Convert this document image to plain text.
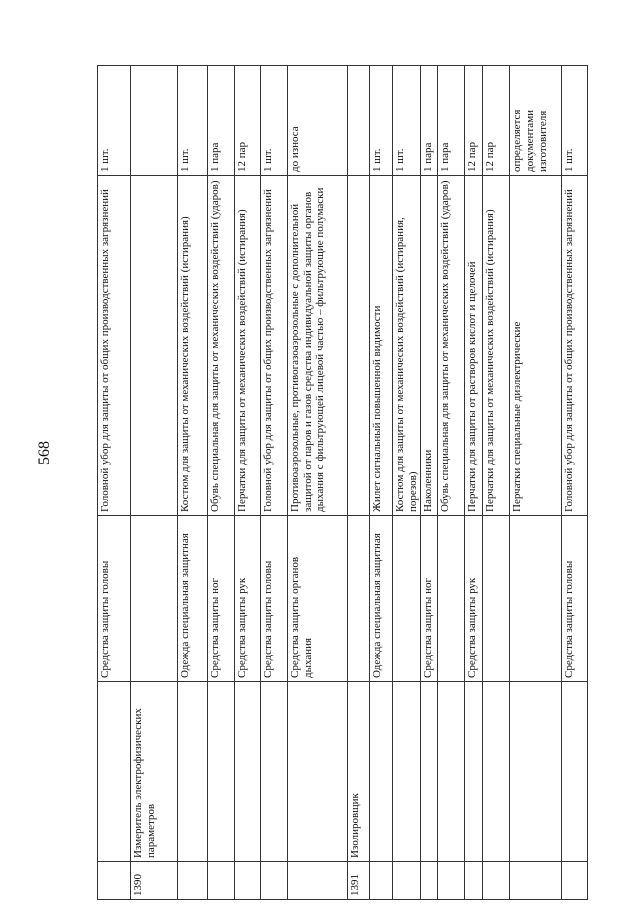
568
		Средства защиты головы	Головной убор для защиты от общих производственных загрязнений	1 шт.
1390	Измеритель электрофизических параметров			
		Одежда специальная защитная	Костюм для защиты от механических воздействий (истирания)	1 шт.
		Средства защиты ног	Обувь специальная для защиты от механических воздействий (ударов)	1 пара
		Средства защиты рук	Перчатки для защиты от механических воздействий (истирания)	12 пар
		Средства защиты головы	Головной убор для защиты от общих производственных загрязнений	1 шт.
		Средства защиты органов дыхания	Противоаэрозольные, противогазоаэрозольные с дополнительной защитой от паров и газов средства индивидуальной защиты органов дыхания с фильтрующей лицевой частью – фильтрующие полумаски	до износа
1391	Изолировщик			
		Одежда специальная защитная	Жилет сигнальный повышенной видимости	1 шт.
			Костюм для защиты от механических воздействий (истирания, порезов)	1 шт.
		Средства защиты ног	Наколенники	1 пара
			Обувь специальная для защиты от механических воздействий (ударов)	1 пара
		Средства защиты рук	Перчатки для защиты от растворов кислот и щелочей	12 пар
			Перчатки для защиты от механических воздействий (истирания)	12 пар
			Перчатки специальные диэлектрические	определяется документами изготовителя
		Средства защиты головы	Головной убор для защиты от общих производственных загрязнений	1 шт.
